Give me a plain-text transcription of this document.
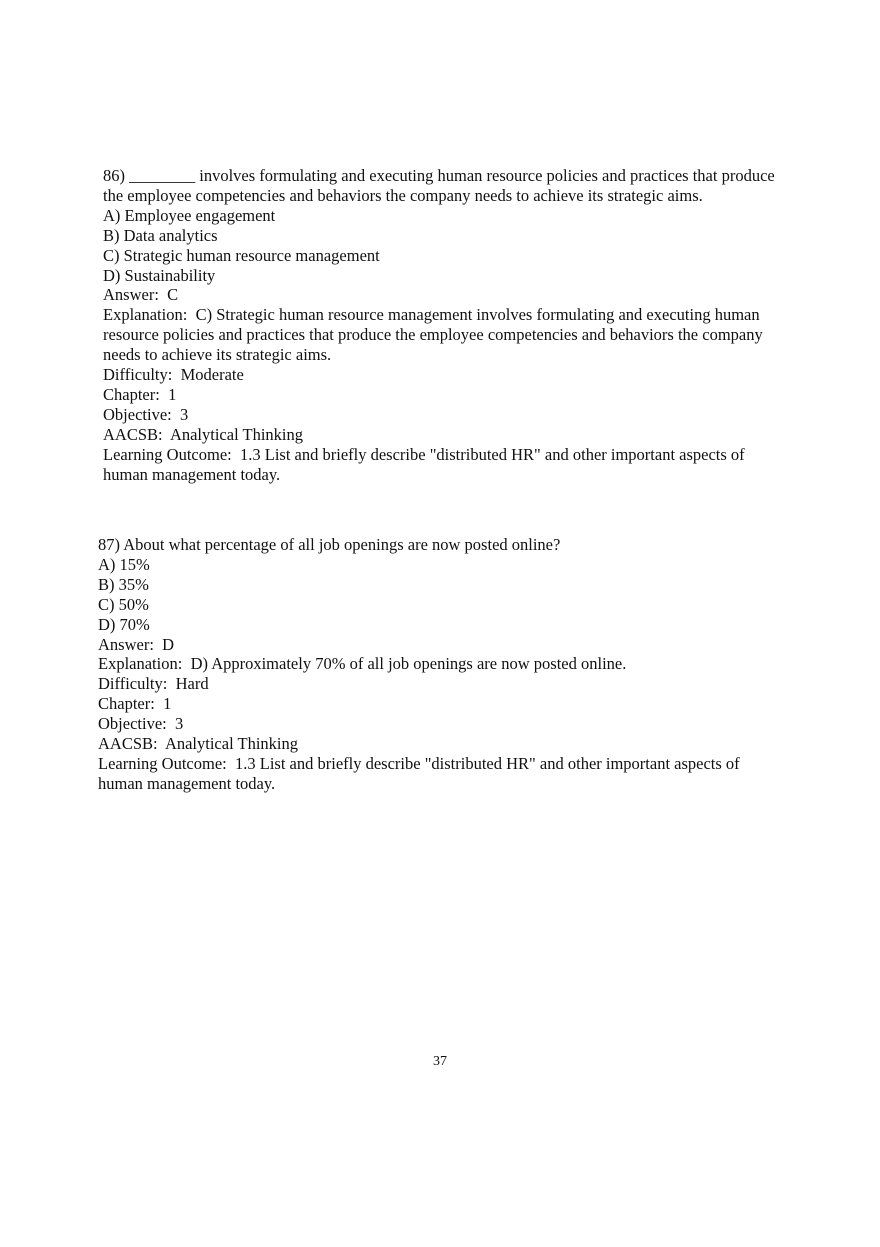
86) ________ involves formulating and executing human resource policies and practices that produce the employee competencies and behaviors the company needs to achieve its strategic aims.

A) Employee engagement

B) Data analytics

C) Strategic human resource management

D) Sustainability

Answer:  C

Explanation:  C) Strategic human resource management involves formulating and executing human resource policies and practices that produce the employee competencies and behaviors the company needs to achieve its strategic aims.

Difficulty:  Moderate

Chapter:  1

Objective:  3

AACSB:  Analytical Thinking

Learning Outcome:  1.3 List and briefly describe "distributed HR" and other important aspects of human management today.

87) About what percentage of all job openings are now posted online?

A) 15%

B) 35%

C) 50%

D) 70%

Answer:  D

Explanation:  D) Approximately 70% of all job openings are now posted online.

Difficulty:  Hard

Chapter:  1

Objective:  3

AACSB:  Analytical Thinking

Learning Outcome:  1.3 List and briefly describe "distributed HR" and other important aspects of human management today.

37
